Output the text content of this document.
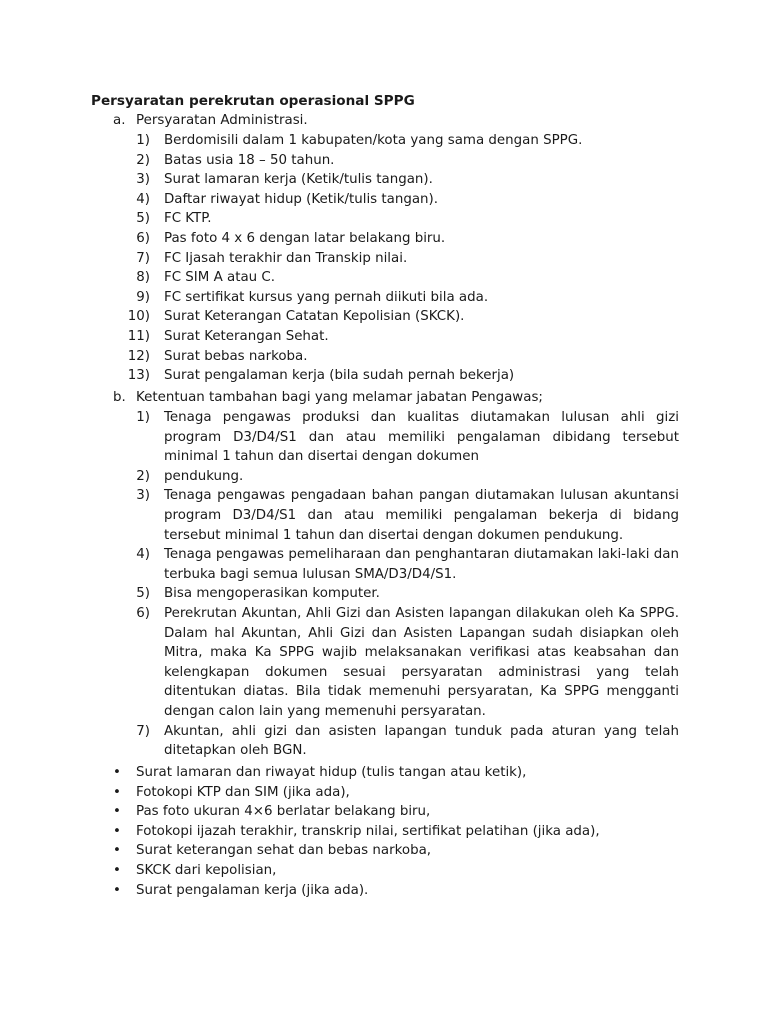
Persyaratan perekrutan operasional SPPG
a. Persyaratan Administrasi.
1) Berdomisili dalam 1 kabupaten/kota yang sama dengan SPPG.
2) Batas usia 18 – 50 tahun.
3) Surat lamaran kerja (Ketik/tulis tangan).
4) Daftar riwayat hidup (Ketik/tulis tangan).
5) FC KTP.
6) Pas foto 4 x 6 dengan latar belakang biru.
7) FC Ijasah terakhir dan Transkip nilai.
8) FC SIM A atau C.
9) FC sertifikat kursus yang pernah diikuti bila ada.
10) Surat Keterangan Catatan Kepolisian (SKCK).
11) Surat Keterangan Sehat.
12) Surat bebas narkoba.
13) Surat pengalaman kerja (bila sudah pernah bekerja)
b. Ketentuan tambahan bagi yang melamar jabatan Pengawas;
1) Tenaga pengawas produksi dan kualitas diutamakan lulusan ahli gizi program D3/D4/S1 dan atau memiliki pengalaman dibidang tersebut minimal 1 tahun dan disertai dengan dokumen
2) pendukung.
3) Tenaga pengawas pengadaan bahan pangan diutamakan lulusan akuntansi program D3/D4/S1 dan atau memiliki pengalaman bekerja di bidang tersebut minimal 1 tahun dan disertai dengan dokumen pendukung.
4) Tenaga pengawas pemeliharaan dan penghantaran diutamakan laki-laki dan terbuka bagi semua lulusan SMA/D3/D4/S1.
5) Bisa mengoperasikan komputer.
6) Perekrutan Akuntan, Ahli Gizi dan Asisten lapangan dilakukan oleh Ka SPPG. Dalam hal Akuntan, Ahli Gizi dan Asisten Lapangan sudah disiapkan oleh Mitra, maka Ka SPPG wajib melaksanakan verifikasi atas keabsahan dan kelengkapan dokumen sesuai persyaratan administrasi yang telah ditentukan diatas. Bila tidak memenuhi persyaratan, Ka SPPG mengganti dengan calon lain yang memenuhi persyaratan.
7) Akuntan, ahli gizi dan asisten lapangan tunduk pada aturan yang telah ditetapkan oleh BGN.
• Surat lamaran dan riwayat hidup (tulis tangan atau ketik),
• Fotokopi KTP dan SIM (jika ada),
• Pas foto ukuran 4×6 berlatar belakang biru,
• Fotokopi ijazah terakhir, transkrip nilai, sertifikat pelatihan (jika ada),
• Surat keterangan sehat dan bebas narkoba,
• SKCK dari kepolisian,
• Surat pengalaman kerja (jika ada).
